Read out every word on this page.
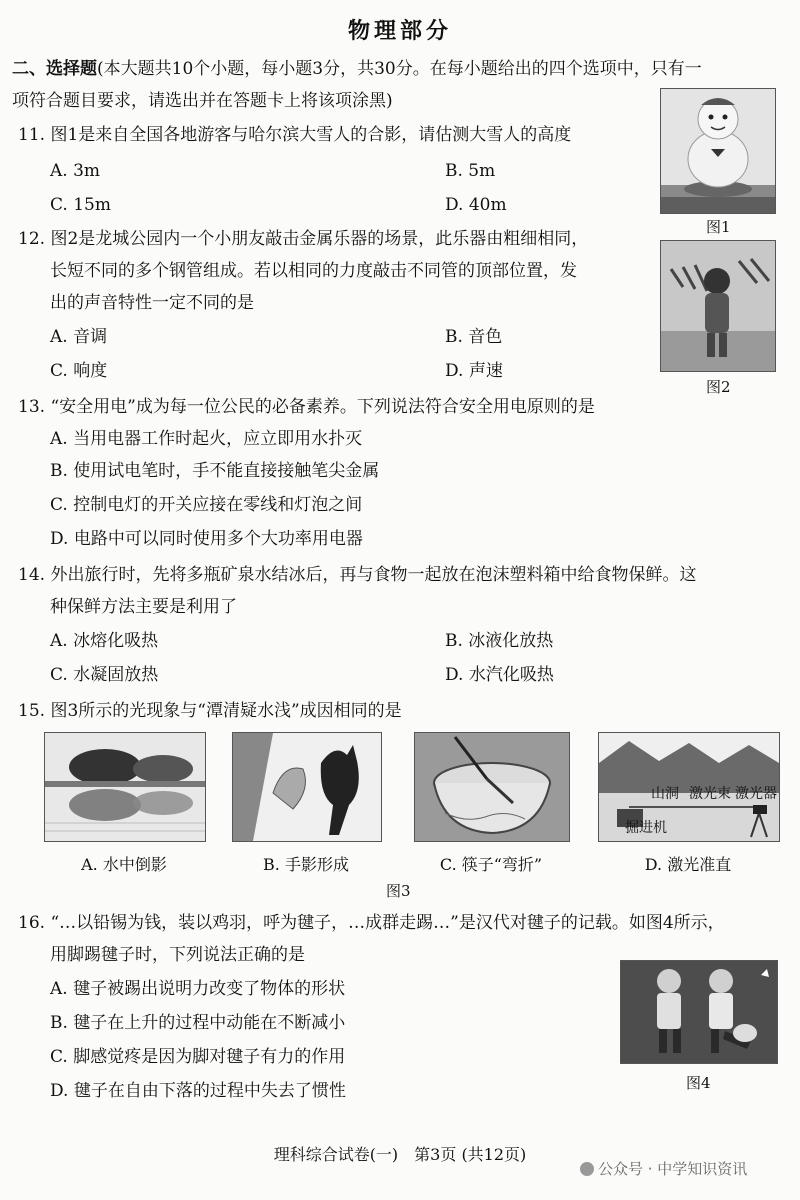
物理部分
二、选择题(本大题共10个小题，每小题3分，共30分。在每小题给出的四个选项中，只有一
项符合题目要求，请选出并在答题卡上将该项涂黑)
11. 图1是来自全国各地游客与哈尔滨大雪人的合影，请估测大雪人的高度
A. 3m	B. 5m
C. 15m	D. 40m
图1
12. 图2是龙城公园内一个小朋友敲击金属乐器的场景，此乐器由粗细相同，
长短不同的多个钢管组成。若以相同的力度敲击不同管的顶部位置，发
出的声音特性一定不同的是
A. 音调	B. 音色
C. 响度	D. 声速
图2
13. “安全用电”成为每一位公民的必备素养。下列说法符合安全用电原则的是
A. 当用电器工作时起火，应立即用水扑灭
B. 使用试电笔时，手不能直接接触笔尖金属
C. 控制电灯的开关应接在零线和灯泡之间
D. 电路中可以同时使用多个大功率用电器
14. 外出旅行时，先将多瓶矿泉水结冰后，再与食物一起放在泡沫塑料箱中给食物保鲜。这
种保鲜方法主要是利用了
A. 冰熔化吸热	B. 冰液化放热
C. 水凝固放热	D. 水汽化吸热
15. 图3所示的光现象与“潭清疑水浅”成因相同的是
山洞 激光束 激光器
掘进机
A. 水中倒影	B. 手影形成	C. 筷子“弯折”	D. 激光准直
图3
16. “…以铅锡为钱，装以鸡羽，呼为毽子，…成群走踢…”是汉代对毽子的记载。如图4所示，
用脚踢毽子时，下列说法正确的是
A. 毽子被踢出说明力改变了物体的形状
B. 毽子在上升的过程中动能在不断减小
C. 脚感觉疼是因为脚对毽子有力的作用
D. 毽子在自由下落的过程中失去了惯性	图4
理科综合试卷(一)　第3页 (共12页)
公众号 · 中学知识资讯
